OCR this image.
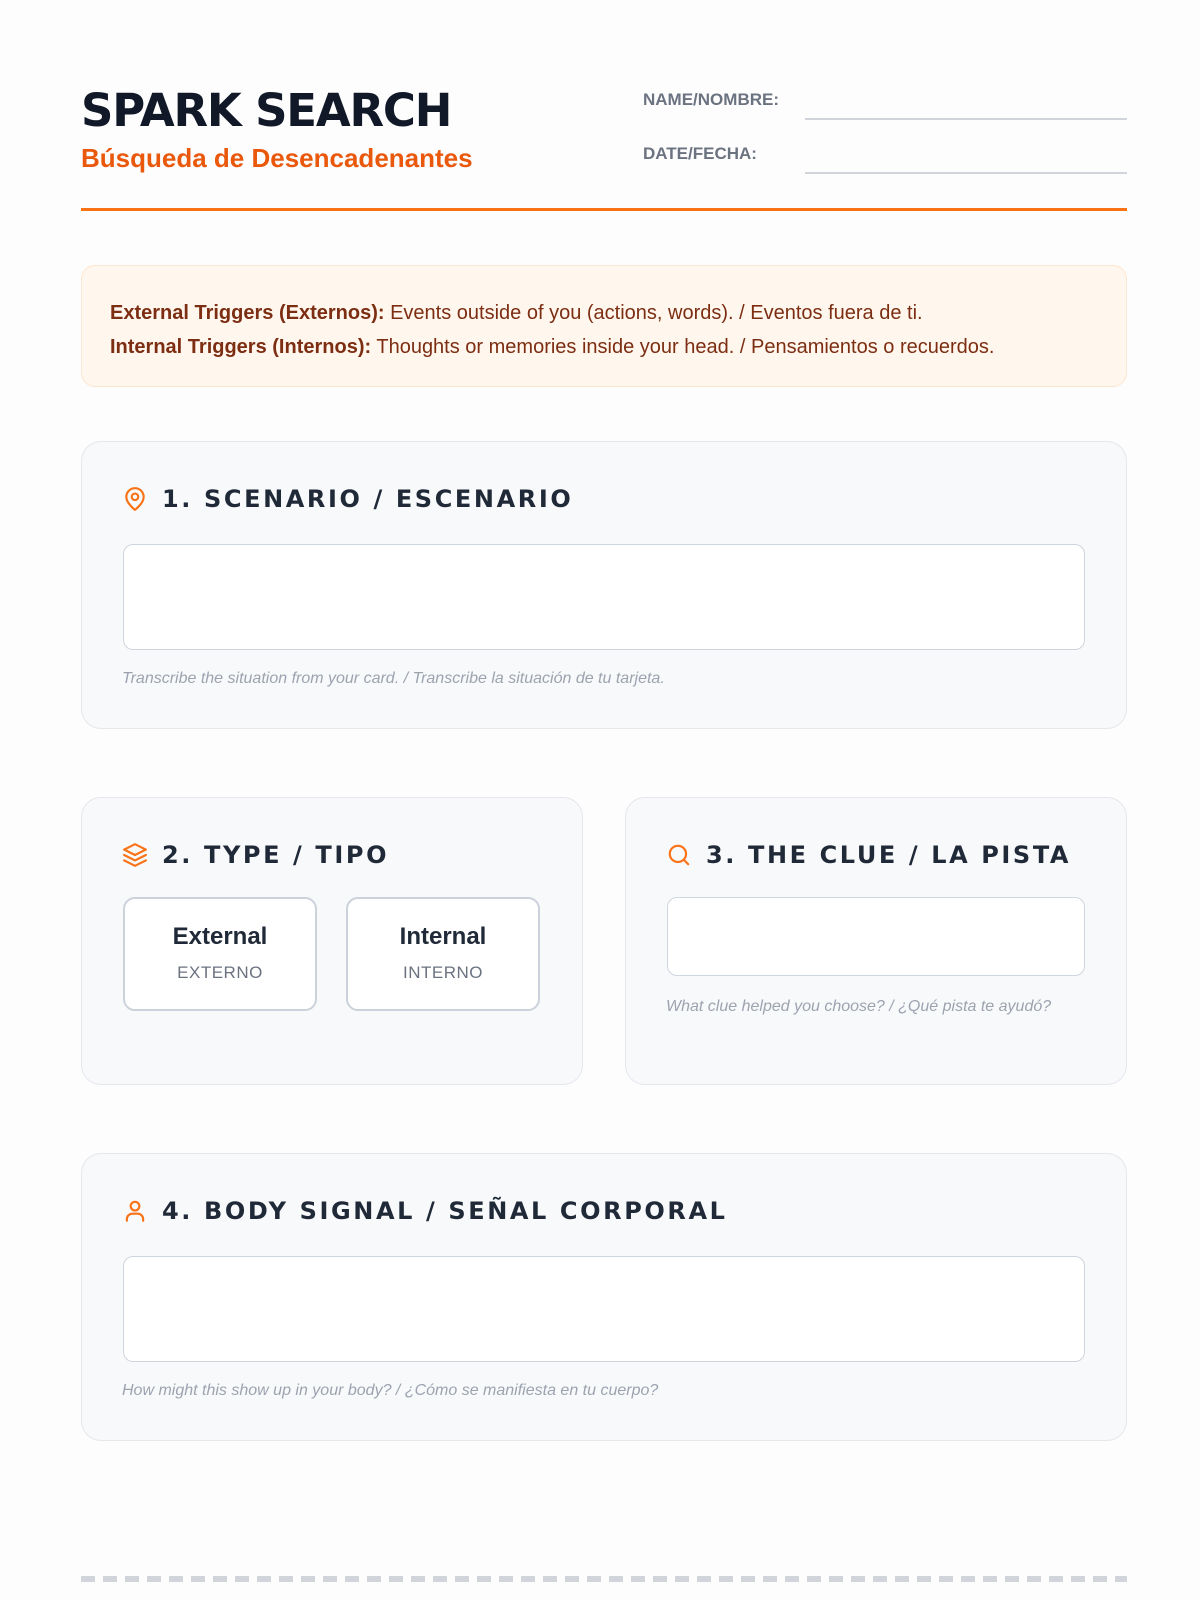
SPARK SEARCH
Búsqueda de Desencadenantes
NAME/NOMBRE:
DATE/FECHA:
External Triggers (Externos): Events outside of you (actions, words). / Eventos fuera de ti.
Internal Triggers (Internos): Thoughts or memories inside your head. / Pensamientos o recuerdos.
1. SCENARIO / ESCENARIO
Transcribe the situation from your card. / Transcribe la situación de tu tarjeta.
2. TYPE / TIPO
External
EXTERNO
Internal
INTERNO
3. THE CLUE / LA PISTA
What clue helped you choose? / ¿Qué pista te ayudó?
4. BODY SIGNAL / SEÑAL CORPORAL
How might this show up in your body? / ¿Cómo se manifiesta en tu cuerpo?
